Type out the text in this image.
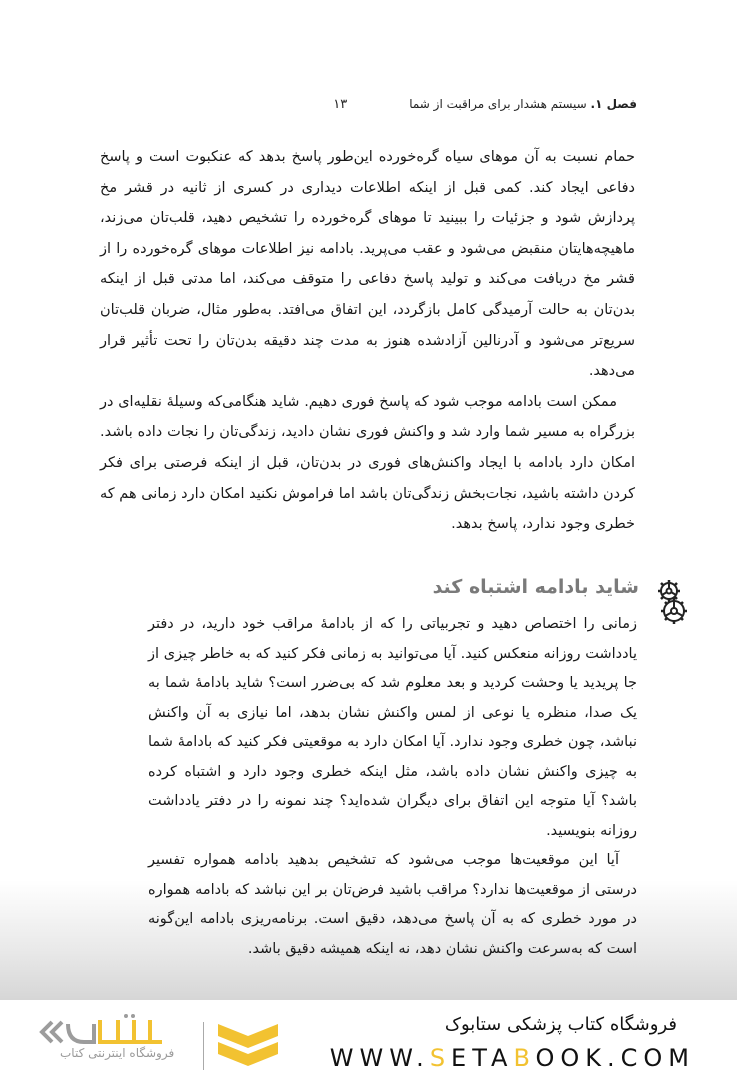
فصل ۱.

سیستم هشدار برای مراقبت از شما
۱۳

حمام نسبت به آن موهای سیاه گره‌خورده این‌طور پاسخ بدهد که عنکبوت است و پاسخ دفاعی ایجاد کند. کمی قبل از اینکه اطلاعات دیداری در کسری از ثانیه در قشر مخ پردازش شود و جزئیات را ببینید تا موهای گره‌خورده را تشخیص دهید، قلب‌تان می‌زند، ماهیچه‌هایتان منقبض می‌شود و عقب می‌پرید. بادامه نیز اطلاعات موهای گره‌خورده را از قشر مخ دریافت می‌کند و تولید پاسخ دفاعی را متوقف می‌کند، اما مدتی قبل از اینکه بدن‌تان به حالت آرمیدگی کامل بازگردد، این اتفاق می‌افتد. به‌طور مثال، ضربان قلب‌تان سریع‌تر می‌شود و آدرنالین آزادشده هنوز به مدت چند دقیقه بدن‌تان را تحت تأثیر قرار می‌دهد.

ممکن است بادامه موجب شود که پاسخ فوری دهیم. شاید هنگامی‌که وسیلهٔ نقلیه‌ای در بزرگراه به مسیر شما وارد شد و واکنش فوری نشان دادید، زندگی‌تان را نجات داده باشد. امکان دارد بادامه با ایجاد واکنش‌های فوری در بدن‌تان، قبل از اینکه فرصتی برای فکر کردن داشته باشید، نجات‌بخش زندگی‌تان باشد اما فراموش نکنید امکان دارد زمانی هم که خطری وجود ندارد، پاسخ بدهد.

شاید بادامه اشتباه کند

زمانی را اختصاص دهید و تجربیاتی را که از بادامهٔ مراقب خود دارید، در دفتر یادداشت روزانه منعکس کنید. آیا می‌توانید به زمانی فکر کنید که به خاطر چیزی از جا پریدید یا وحشت کردید و بعد معلوم شد که بی‌ضرر است؟ شاید بادامهٔ شما به یک صدا، منظره یا نوعی از لمس واکنش نشان بدهد، اما نیازی به آن واکنش نباشد، چون خطری وجود ندارد. آیا امکان دارد به موقعیتی فکر کنید که بادامهٔ شما به چیزی واکنش نشان داده باشد، مثل اینکه خطری وجود دارد و اشتباه کرده باشد؟ آیا متوجه این اتفاق برای دیگران شده‌اید؟ چند نمونه را در دفتر یادداشت روزانه بنویسید.

آیا این موقعیت‌ها موجب می‌شود که تشخیص بدهید بادامه همواره تفسیر درستی از موقعیت‌ها ندارد؟ مراقب باشید فرض‌تان بر این نباشد که بادامه همواره در مورد خطری که به آن پاسخ می‌دهد، دقیق است. برنامه‌ریزی بادامه این‌گونه است که به‌سرعت واکنش نشان دهد، نه اینکه همیشه دقیق باشد.

فروشگاه اینترنتی کتاب
فروشگاه کتاب پزشکی ستابوک
WWW.SETABOOK.COM
